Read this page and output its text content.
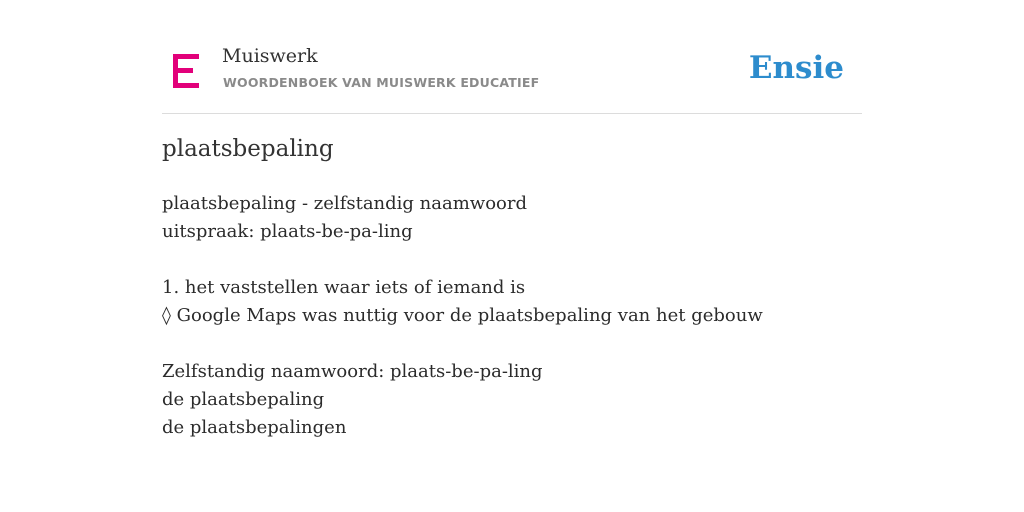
Muiswerk
WOORDENBOEK VAN MUISWERK EDUCATIEF	Ensie
plaatsbepaling
plaatsbepaling - zelfstandig naamwoord
uitspraak: plaats-be-pa-ling
1. het vaststellen waar iets of iemand is
◊ Google Maps was nuttig voor de plaatsbepaling van het gebouw
Zelfstandig naamwoord: plaats-be-pa-ling
de plaatsbepaling
de plaatsbepalingen
